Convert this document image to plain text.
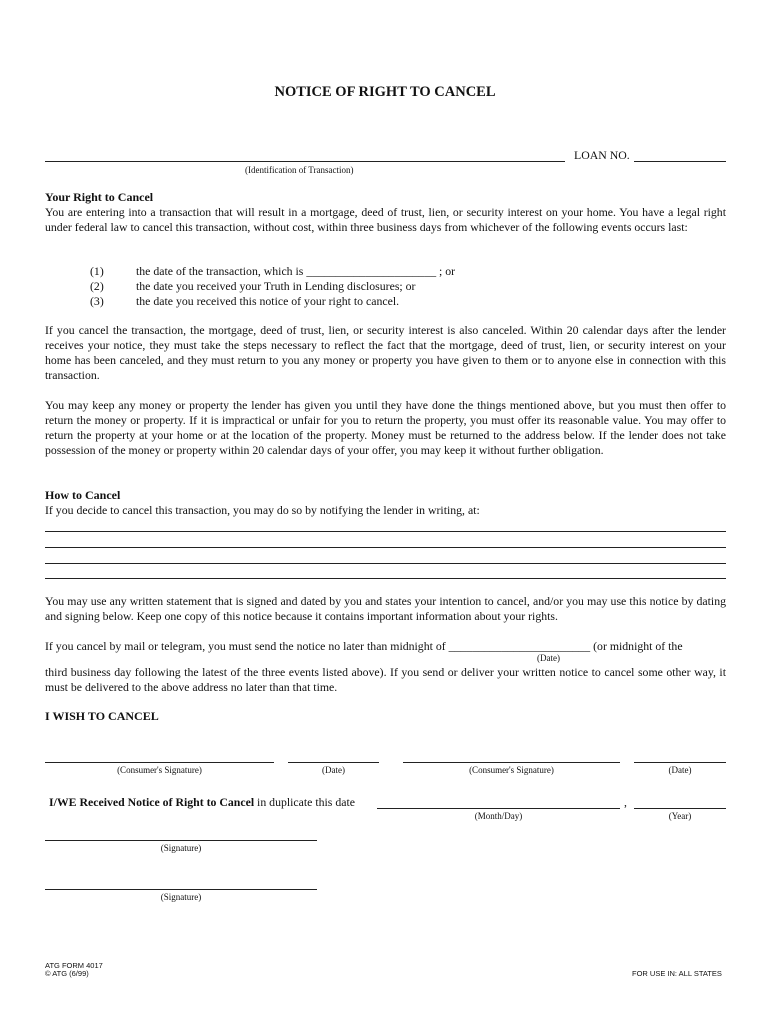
NOTICE OF RIGHT TO CANCEL
LOAN NO.
(Identification of Transaction)
Your Right to Cancel
You are entering into a transaction that will result in a mortgage, deed of trust, lien, or security interest on your home. You have a legal right under federal law to cancel this transaction, without cost, within three business days from whichever of the following events occurs last:
(1)	the date of the transaction, which is ______________________ ; or
(2)	the date you received your Truth in Lending disclosures; or
(3)	the date you received this notice of your right to cancel.
If you cancel the transaction, the mortgage, deed of trust, lien, or security interest is also canceled. Within 20 calendar days after the lender receives your notice, they must take the steps necessary to reflect the fact that the mortgage, deed of trust, lien, or security interest on your home has been canceled, and they must return to you any money or property you have given to them or to anyone else in connection with this transaction.
You may keep any money or property the lender has given you until they have done the things mentioned above, but you must then offer to return the money or property. If it is impractical or unfair for you to return the property, you must offer its reasonable value. You may offer to return the property at your home or at the location of the property. Money must be returned to the address below. If the lender does not take possession of the money or property within 20 calendar days of your offer, you may keep it without further obligation.
How to Cancel
If you decide to cancel this transaction, you may do so by notifying the lender in writing, at:
You may use any written statement that is signed and dated by you and states your intention to cancel, and/or you may use this notice by dating and signing below. Keep one copy of this notice because it contains important information about your rights.
If you cancel by mail or telegram, you must send the notice no later than midnight of ________________________ (or midnight of the
(Date)
third business day following the latest of the three events listed above). If you send or deliver your written notice to cancel some other way, it must be delivered to the above address no later than that time.
I WISH TO CANCEL
(Consumer's Signature)	(Date)	(Consumer's Signature)	(Date)
I/WE Received Notice of Right to Cancel in duplicate this date	,
(Month/Day)	(Year)
(Signature)
(Signature)
ATG FORM 4017
© ATG (6/99)	FOR USE IN: ALL STATES
